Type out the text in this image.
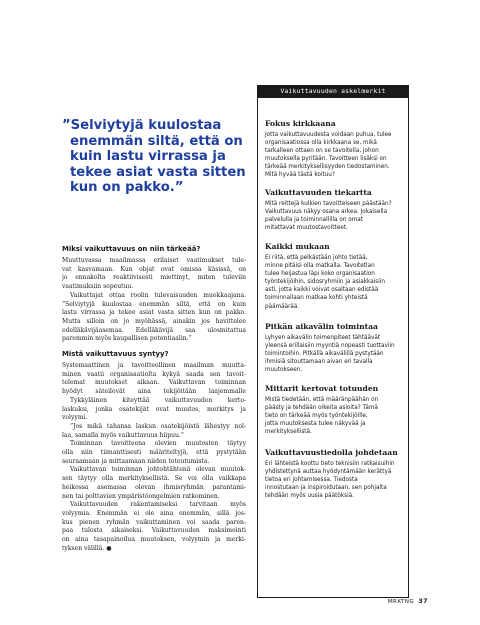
”Selviytyjä kuulostaa
enemmän siltä, että on
kuin lastu virrassa ja
tekee asiat vasta sitten
kun on pakko.”
Miksi vaikuttavuus on niin tärkeää?

Muuttuvassa maailmassa erilaiset vaatimukset tule-
vat kasvamaan. Kun objat ovat omissa käsissä, on
jo ennakolta reaktiivisesti miettinyt, miten tuleviin
vaatimuksiin sopeutuu.

Vaikuttajat ottaa roolin tulevaisuuden muokkaajana.
”Selviytyjä kuulostaa enemmän siltä, että on kuin
lastu virrassa ja tekee asiat vasta sitten kun on pakko.
Mutta silloin on jo myöhässä, ainakin jos havittelee
edelläkävijäasemaa. Edelläkävijä saa ulosmitattua
paremmin myös kaupallisen potentiaalin.”

Mistä vaikuttavuus syntyy?

Systemaattinen ja tavoitteellinen maailman muutta-
minen vaatii organisaatiolta kykyä saada sen tavoit-
telemat muutokset aikaan. Vaikuttavan toiminnan
hyödyt säteilevät aina tekijöitään laajemmalle

Tykkyläinen kiteyttää vaikuttavuuden kerto-
laskuksi, jonka osatekijät ovat muutos, merkitys ja
volyymi.

”Jos mikä tahansa laskun osatekijöistä lähestyy nol-
laa, samalla myös vaikuttavuus hiipuu.”

Toiminnan tavoitteena olevien muutosten täytyy
olla niin tiimanttisesti määriteltyjä, että pystytään
seuraamaan ja mittaamaan niiden toteutumista.

Vaikuttavan toiminnan johtohtähtenä olevan muutok-
sen täytyy olla merkityksellistä. Se voi olla vaikkapa
heikossa asemassa olevan ihmisryhmän parantami-
nen tai polttavien ympäristöongelmien ratkominen.

Vaikuttavuuden rakentamiseksi tarvitaan myös
volyymia. Enemmän ei ole aina enemmän, sillä jos-
kus pienen ryhmän vaikuttaminen voi saada paren-
paa tulosta aikaiseksi. Vaikuttavuuden maksimointi
on aina tasapainoilua muutoksen, volyymin ja merki-
tyksen välillä. ●

Vaikuttavuuden askelmerkit
Fokus kirkkaana

Jotta vaikuttavuudesta voidaan puhua, tulee
organisaatiossa olla kirkkaana se, mikä
tarkalleen ottaen on se tavoitella, johon
muutoksella pyritään. Tavoitteen lisäksi on
tärkeää merkityksellisyyden tiedostaminen.
Mitä hyvää tästä koituu?

Vaikuttavuuden tiekartta

Mitä reittejä kulkien tavoitteiseen päästään?
Vaikuttavuus näkyy osana arkea. Jokaisella
palvelulla ja toiminnallilla on omat
mitattavat muutostavoitteet.

Kaikki mukaan

Ei riitä, että pelkästään johto tietää,
minne pitäisi olla matkalla. Tavoitetlan
tulee heijastua läpi koko organisaation
työntekijöihin, sidosryhmiin ja asiakkaisiin
asti, jotta kaikki voivat osaltaan edistää
toiminnallaan matkaa kohti yhteistä
päämäärää.

Pitkän aikavälin toimintaa

Lyhyen aikavälin toimenpiteet tähtäävät
yleensä erillaisiin myyntiä nopeasti tuottaviin
toimintoihin. Pitkällä aikavälillä pystytään
ihmisiä sitouttamaan aivan eri tavalla
muutokseen.

Mittarit kertovat totuuden

Mistä tiedetään, että määränpäähän on
päästy ja tehdään oikeita asioita? Tämä
tieto on tärkeää myös työntekijöille,
jotta muutoksesta tulee näkyvää ja
merkityksellistä.

Vaikuttavuustiedolla johdetaan

Eri lähteistä koottu tieto teknisiin ratkaisuihin
yhdistettynä auttaa hyödyntämään kerättyä
tietoa eri johtamisessa. Tiedosta
innostutaan ja inspiroidutaan, sen pohjalta
tehdään myös uusia päätöksiä.

MRKTNG 37
